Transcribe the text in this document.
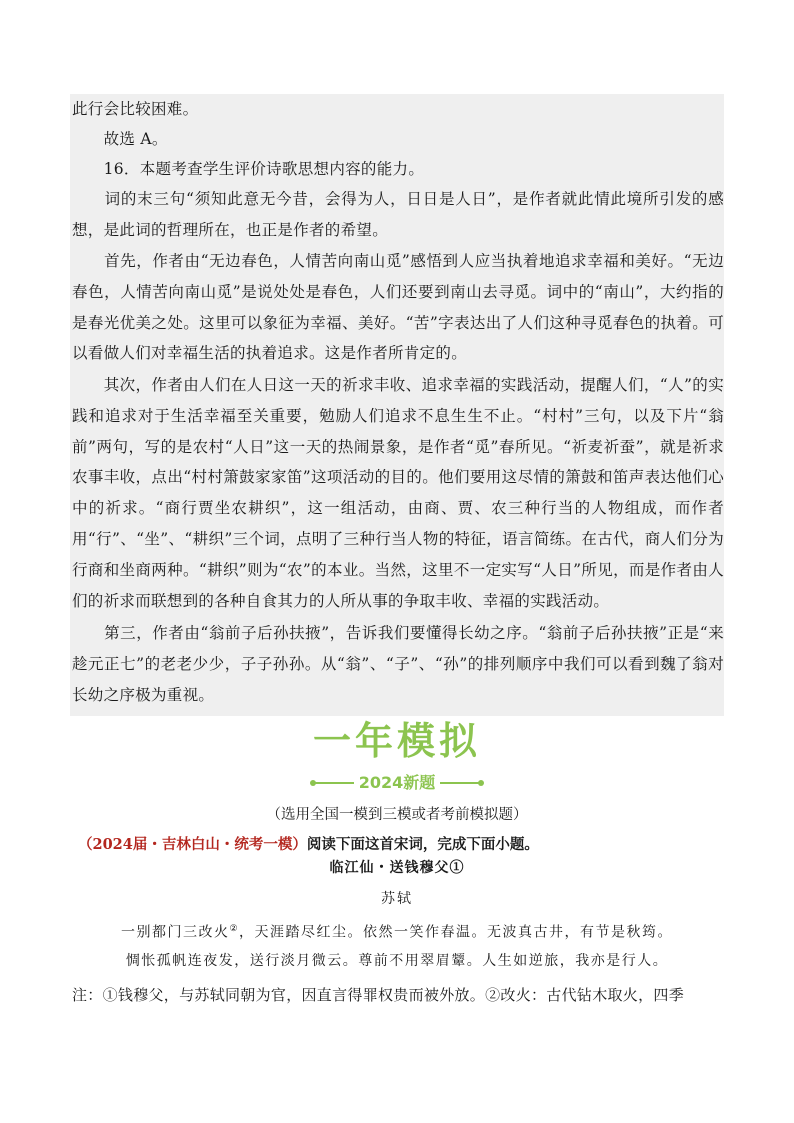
此行会比较困难。

　　故选 A。

　　16．本题考查学生评价诗歌思想内容的能力。

　　词的末三句“须知此意无今昔，会得为人，日日是人日”，是作者就此情此境所引发的感想，是此词的哲理所在，也正是作者的希望。

　　首先，作者由“无边春色，人情苦向南山觅”感悟到人应当执着地追求幸福和美好。“无边春色，人情苦向南山觅”是说处处是春色，人们还要到南山去寻觅。词中的“南山”，大约指的是春光优美之处。这里可以象征为幸福、美好。“苦”字表达出了人们这种寻觅春色的执着。可以看做人们对幸福生活的执着追求。这是作者所肯定的。

　　其次，作者由人们在人日这一天的祈求丰收、追求幸福的实践活动，提醒人们，“人”的实践和追求对于生活幸福至关重要，勉励人们追求不息生生不止。“村村”三句，以及下片“翁前”两句，写的是农村“人日”这一天的热闹景象，是作者“觅”春所见。“祈麦祈蚕”，就是祈求农事丰收，点出“村村箫鼓家家笛”这项活动的目的。他们要用这尽情的箫鼓和笛声表达他们心中的祈求。“商行贾坐农耕织”，这一组活动，由商、贾、农三种行当的人物组成，而作者用“行”、“坐”、“耕织”三个词，点明了三种行当人物的特征，语言简练。在古代，商人们分为行商和坐商两种。“耕织”则为“农”的本业。当然，这里不一定实写“人日”所见，而是作者由人们的祈求而联想到的各种自食其力的人所从事的争取丰收、幸福的实践活动。

　　第三，作者由“翁前子后孙扶掖”，告诉我们要懂得长幼之序。“翁前子后孙扶掖”正是“来趁元正七”的老老少少，子子孙孙。从“翁”、“子”、“孙”的排列顺序中我们可以看到魏了翁对长幼之序极为重视。

一年模拟
2024新题
（选用全国一模到三模或者考前模拟题）
（2024届・吉林白山・统考一模）阅读下面这首宋词，完成下面小题。
临江仙・送钱穆父①
苏轼
一别都门三改火②，天涯踏尽红尘。依然一笑作春温。无波真古井，有节是秋筠。
惆怅孤帆连夜发，送行淡月微云。尊前不用翠眉颦。人生如逆旅，我亦是行人。
注：①钱穆父，与苏轼同朝为官，因直言得罪权贵而被外放。②改火：古代钻木取火，四季
